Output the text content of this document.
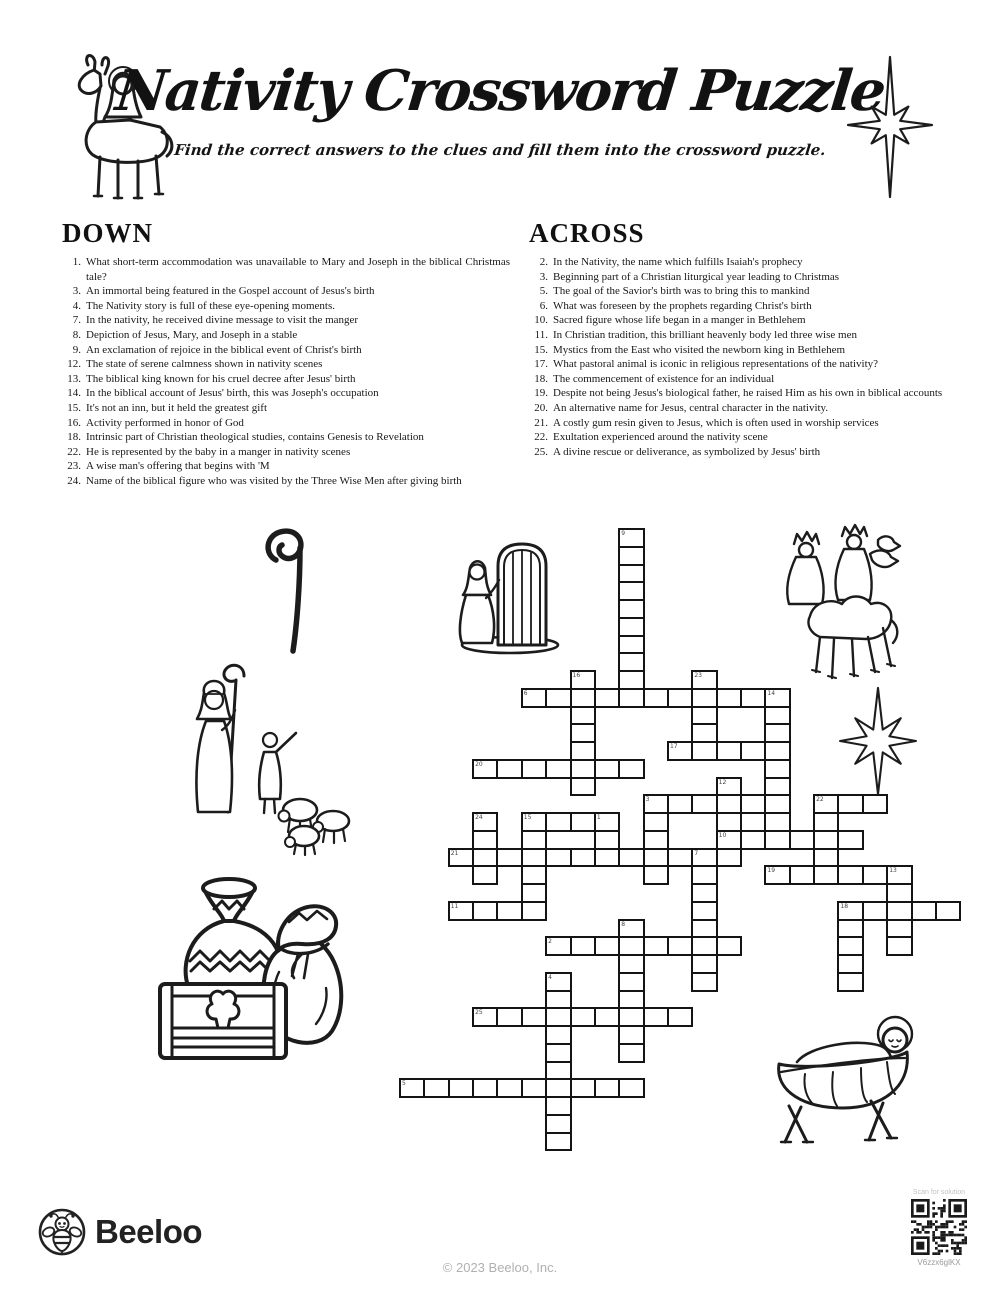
Nativity Crossword Puzzle
Find the correct answers to the clues and fill them into the crossword puzzle.
DOWN
1. What short-term accommodation was unavailable to Mary and Joseph in the biblical Christmas tale?
3. An immortal being featured in the Gospel account of Jesus's birth
4. The Nativity story is full of these eye-opening moments.
7. In the nativity, he received divine message to visit the manger
8. Depiction of Jesus, Mary, and Joseph in a stable
9. An exclamation of rejoice in the biblical event of Christ's birth
12. The state of serene calmness shown in nativity scenes
13. The biblical king known for his cruel decree after Jesus' birth
14. In the biblical account of Jesus' birth, this was Joseph's occupation
15. It's not an inn, but it held the greatest gift
16. Activity performed in honor of God
18. Intrinsic part of Christian theological studies, contains Genesis to Revelation
22. He is represented by the baby in a manger in nativity scenes
23. A wise man's offering that begins with 'M
24. Name of the biblical figure who was visited by the Three Wise Men after giving birth
ACROSS
2. In the Nativity, the name which fulfills Isaiah's prophecy
3. Beginning part of a Christian liturgical year leading to Christmas
5. The goal of the Savior's birth was to bring this to mankind
6. What was foreseen by the prophets regarding Christ's birth
10. Sacred figure whose life began in a manger in Bethlehem
11. In Christian tradition, this brilliant heavenly body led three wise men
15. Mystics from the East who visited the newborn king in Bethlehem
17. What pastoral animal is iconic in religious representations of the nativity?
18. The commencement of existence for an individual
19. Despite not being Jesus's biological father, he raised Him as his own in biblical accounts
20. An alternative name for Jesus, central character in the nativity.
21. A costly gum resin given to Jesus, which is often used in worship services
22. Exultation experienced around the nativity scene
25. A divine rescue or deliverance, as symbolized by Jesus' birth
9
16	23
6	14
17
20
12
3	22
15	1
24
10
21	7
19	13
11	18
8
2
4
25
5
Beeloo
© 2023 Beeloo, Inc.
Scan for solution
V6zzx6glKX
